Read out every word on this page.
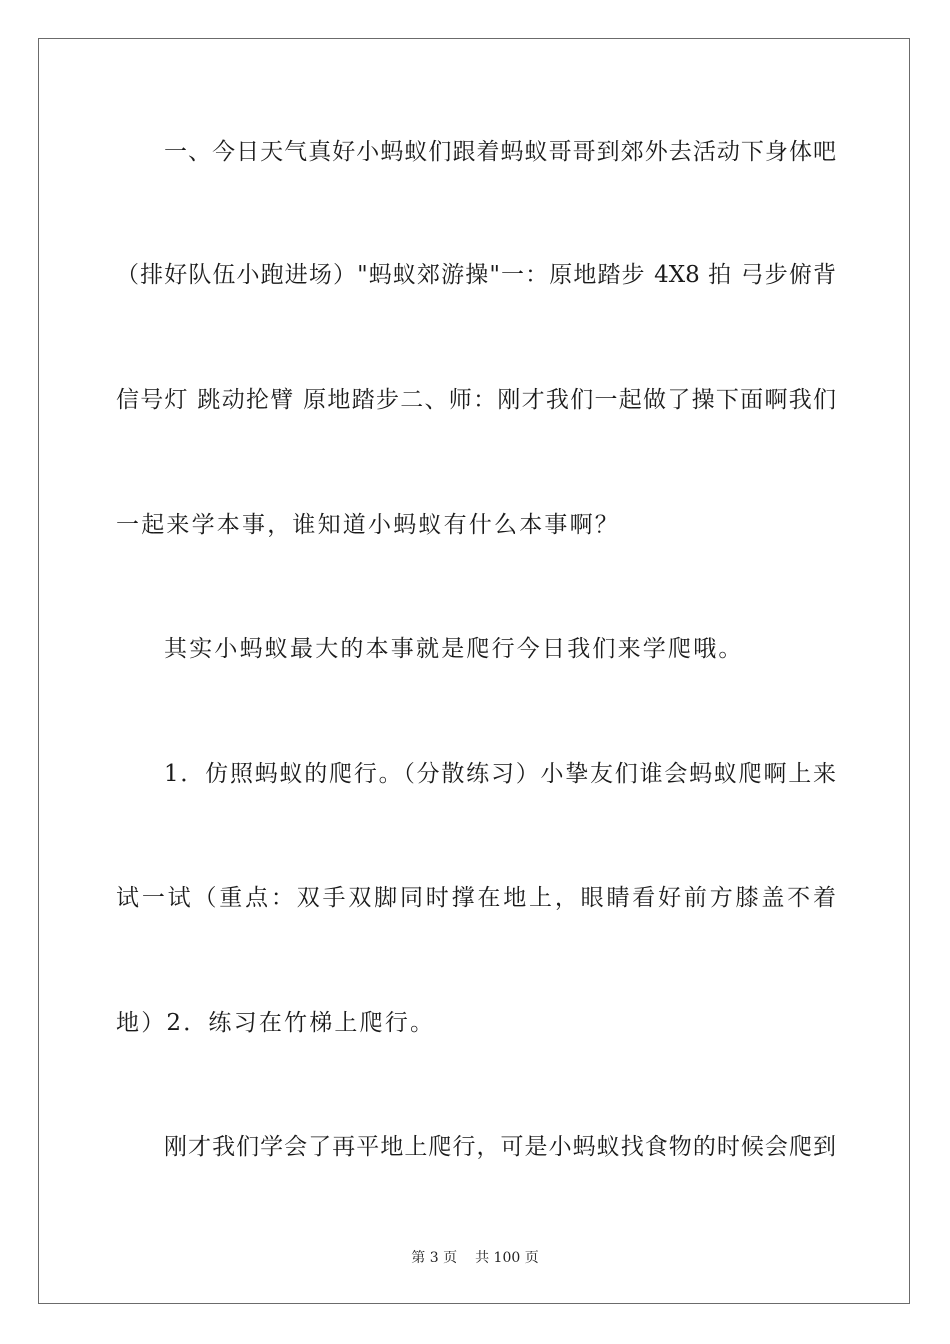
一、今日天气真好小蚂蚁们跟着蚂蚁哥哥到郊外去活动下身体吧
（排好队伍小跑进场）"蚂蚁郊游操"一：原地踏步 4X8 拍 弓步俯背
信号灯 跳动抡臂 原地踏步二、师：刚才我们一起做了操下面啊我们
一起来学本事，谁知道小蚂蚁有什么本事啊？
其实小蚂蚁最大的本事就是爬行今日我们来学爬哦。
1．仿照蚂蚁的爬行。（分散练习）小挚友们谁会蚂蚁爬啊上来
试一试（重点：双手双脚同时撑在地上，眼睛看好前方膝盖不着
地）2．练习在竹梯上爬行。
刚才我们学会了再平地上爬行，可是小蚂蚁找食物的时候会爬到
第 3 页 共 100 页
